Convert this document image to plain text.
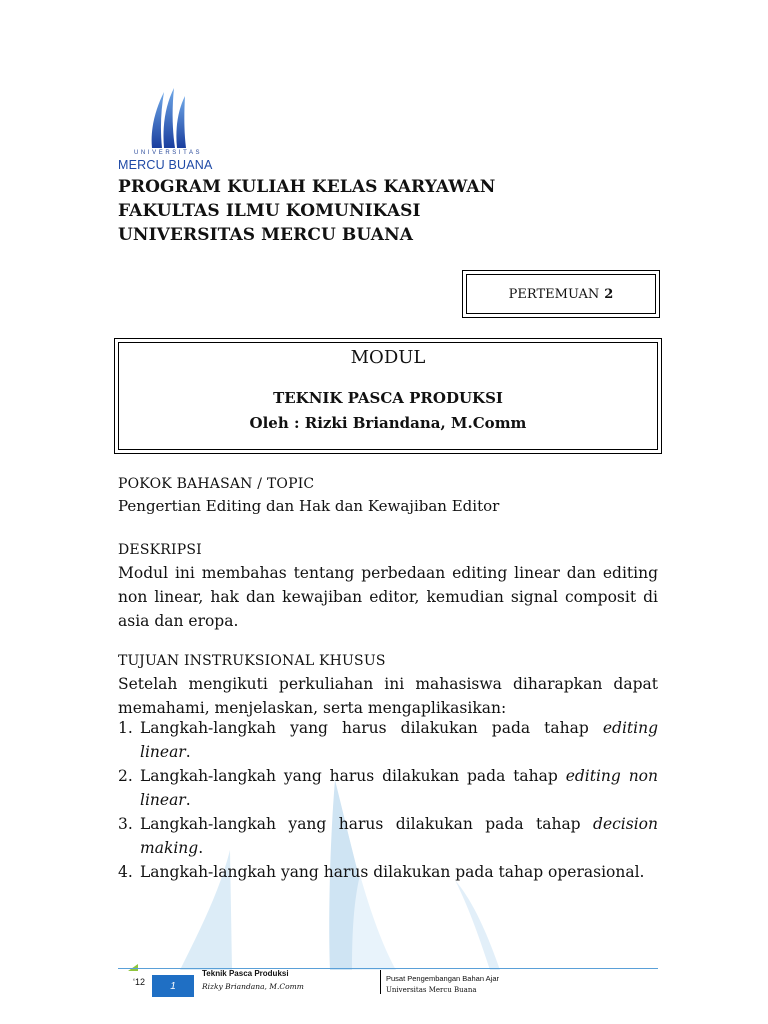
UNIVERSITAS
MERCU BUANA
PROGRAM KULIAH KELAS KARYAWAN
FAKULTAS ILMU KOMUNIKASI
UNIVERSITAS MERCU BUANA
PERTEMUAN 2
MODUL
TEKNIK PASCA PRODUKSI
Oleh : Rizki Briandana, M.Comm
POKOK BAHASAN / TOPIC
Pengertian Editing dan Hak dan Kewajiban Editor
DESKRIPSI
Modul ini membahas tentang perbedaan editing linear dan editing non linear, hak dan kewajiban editor, kemudian signal composit di asia dan eropa.
TUJUAN INSTRUKSIONAL KHUSUS
Setelah mengikuti perkuliahan ini mahasiswa diharapkan dapat memahami, menjelaskan, serta mengaplikasikan:
1. Langkah-langkah yang harus dilakukan pada tahap editing linear.
2. Langkah-langkah yang harus dilakukan pada tahap editing non linear.
3. Langkah-langkah yang harus dilakukan pada tahap decision making.
4. Langkah-langkah yang harus dilakukan pada tahap operasional.
‘12	1
Teknik Pasca Produksi
Rizky Briandana, M.Comm
Pusat Pengembangan Bahan Ajar
Universitas Mercu Buana
